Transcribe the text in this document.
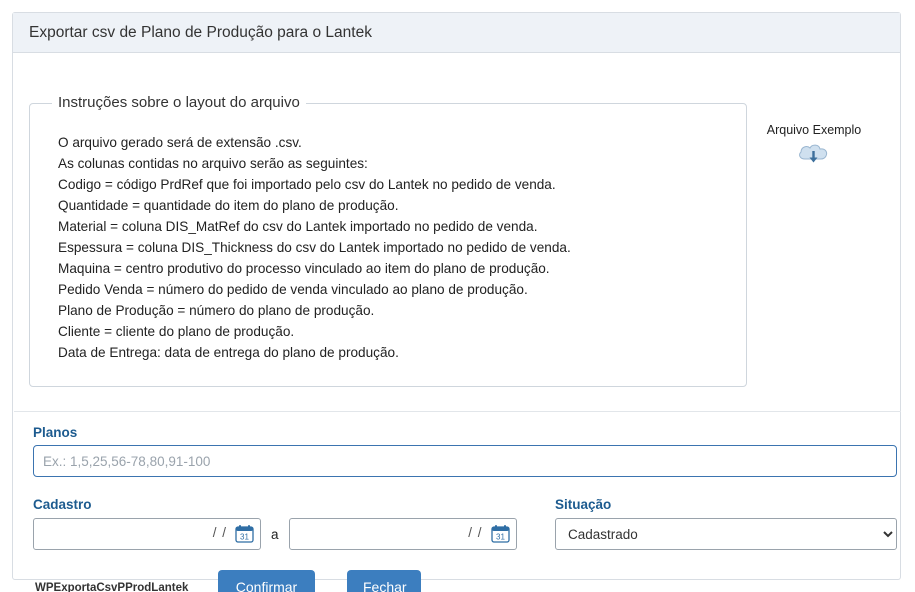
Exportar csv de Plano de Produção para o Lantek
Instruções sobre o layout do arquivo
O arquivo gerado será de extensão .csv.
As colunas contidas no arquivo serão as seguintes:
Codigo = código PrdRef que foi importado pelo csv do Lantek no pedido de venda.
Quantidade = quantidade do item do plano de produção.
Material = coluna DIS_MatRef do csv do Lantek importado no pedido de venda.
Espessura = coluna DIS_Thickness do csv do Lantek importado no pedido de venda.
Maquina = centro produtivo do processo vinculado ao item do plano de produção.
Pedido Venda = número do pedido de venda vinculado ao plano de produção.
Plano de Produção = número do plano de produção.
Cliente = cliente do plano de produção.
Data de Entrega: data de entrega do plano de produção.
Arquivo Exemplo
Planos
Ex.: 1,5,25,56-78,80,91-100
Cadastro
/ / 31 a	/ / 31
Situação
Cadastrado
WPExportaCsvPProdLantek	Confirmar	Fechar
